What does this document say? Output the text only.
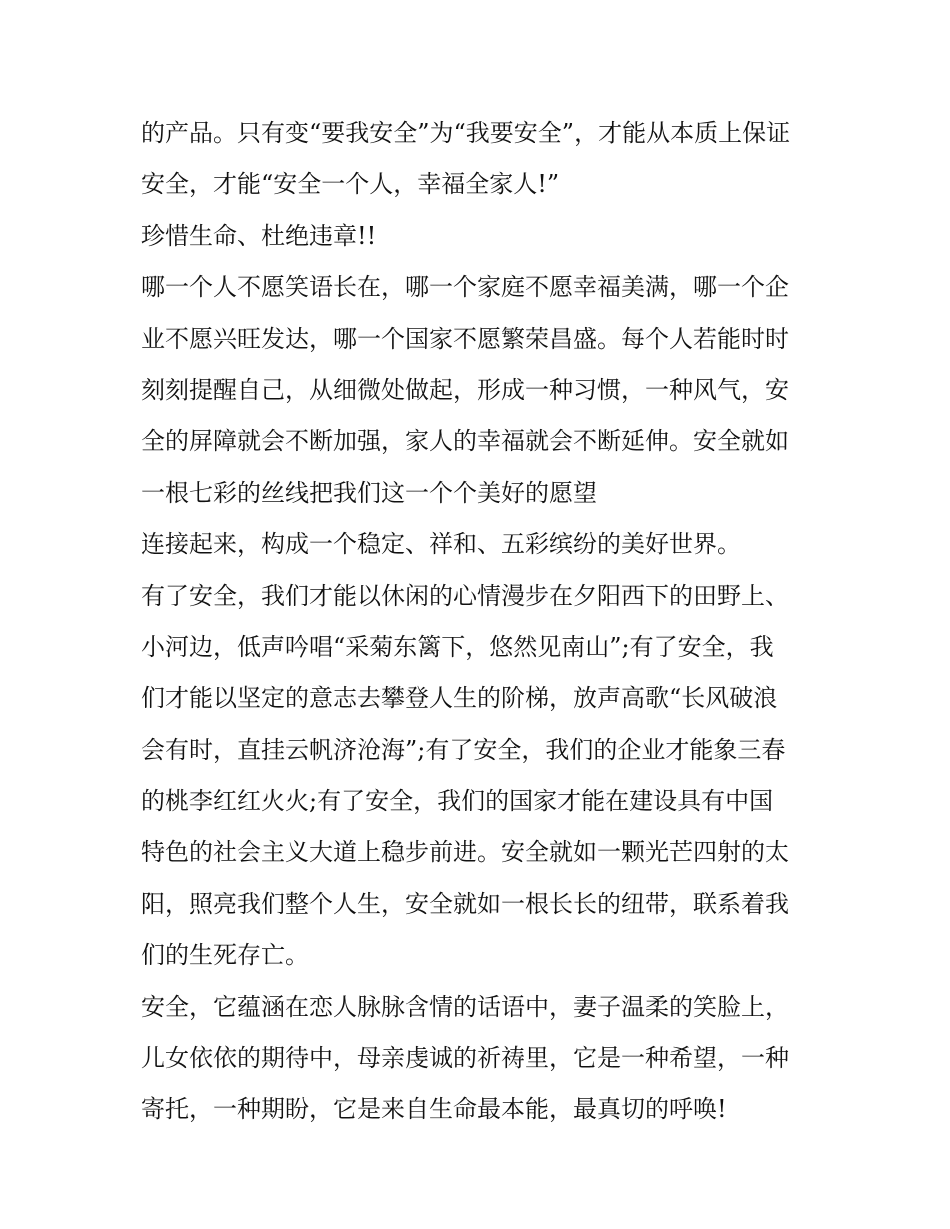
的产品。只有变“要我安全”为“我要安全”，才能从本质上保证
安全，才能“安全一个人，幸福全家人!”
珍惜生命、杜绝违章!!
哪一个人不愿笑语长在，哪一个家庭不愿幸福美满，哪一个企
业不愿兴旺发达，哪一个国家不愿繁荣昌盛。每个人若能时时
刻刻提醒自己，从细微处做起，形成一种习惯，一种风气，安
全的屏障就会不断加强，家人的幸福就会不断延伸。安全就如
一根七彩的丝线把我们这一个个美好的愿望
连接起来，构成一个稳定、祥和、五彩缤纷的美好世界。
有了安全，我们才能以休闲的心情漫步在夕阳西下的田野上、
小河边，低声吟唱“采菊东篱下，悠然见南山”;有了安全，我
们才能以坚定的意志去攀登人生的阶梯，放声高歌“长风破浪
会有时，直挂云帆济沧海”;有了安全，我们的企业才能象三春
的桃李红红火火;有了安全，我们的国家才能在建设具有中国
特色的社会主义大道上稳步前进。安全就如一颗光芒四射的太
阳，照亮我们整个人生，安全就如一根长长的纽带，联系着我
们的生死存亡。
安全，它蕴涵在恋人脉脉含情的话语中，妻子温柔的笑脸上，
儿女依依的期待中，母亲虔诚的祈祷里，它是一种希望，一种
寄托，一种期盼，它是来自生命最本能，最真切的呼唤!
